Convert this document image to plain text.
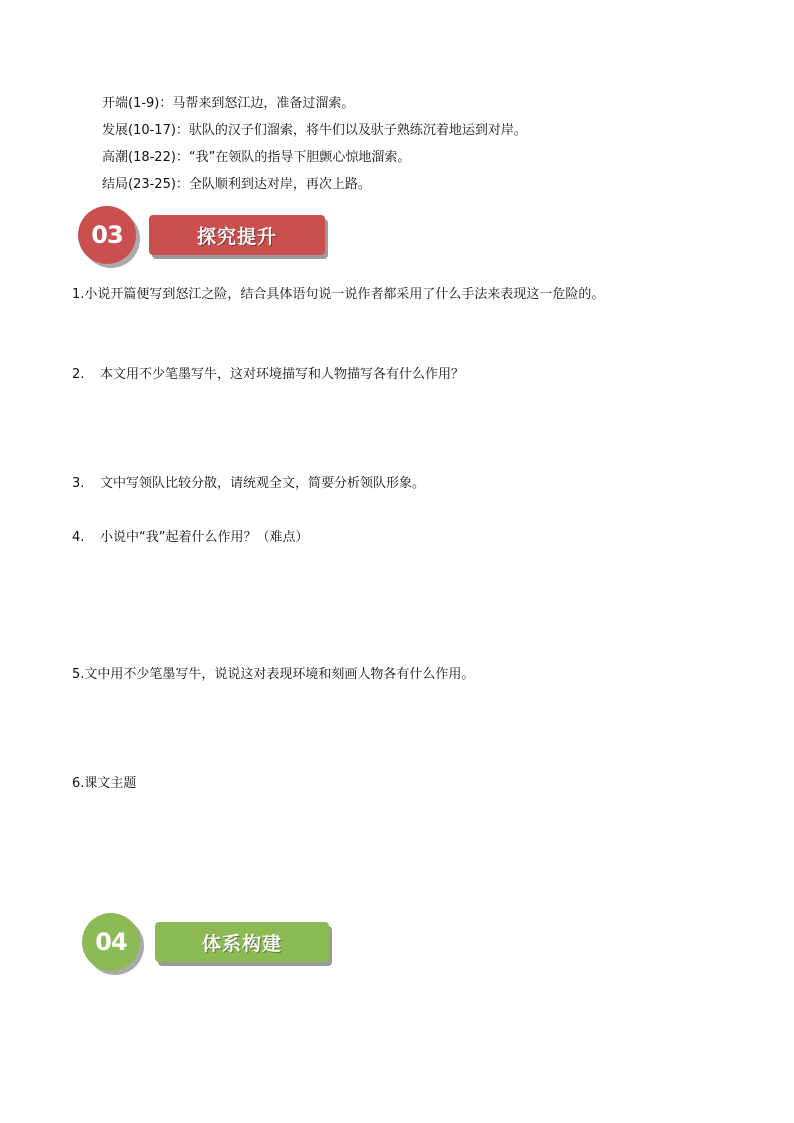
开端(1-9)：马帮来到怒江边，准备过溜索。
发展(10-17)：驮队的汉子们溜索，将牛们以及驮子熟练沉着地运到对岸。
高潮(18-22)：“我”在领队的指导下胆颤心惊地溜索。
结局(23-25)：全队顺利到达对岸，再次上路。
探究提升
03
1.小说开篇便写到怒江之险，结合具体语句说一说作者都采用了什么手法来表现这一危险的。
2. 本文用不少笔墨写牛，这对环境描写和人物描写各有什么作用？
3. 文中写领队比较分散，请统观全文，简要分析领队形象。
4. 小说中“我”起着什么作用？（难点）
5.文中用不少笔墨写牛，说说这对表现环境和刻画人物各有什么作用。
6.课文主题
体系构建
04
